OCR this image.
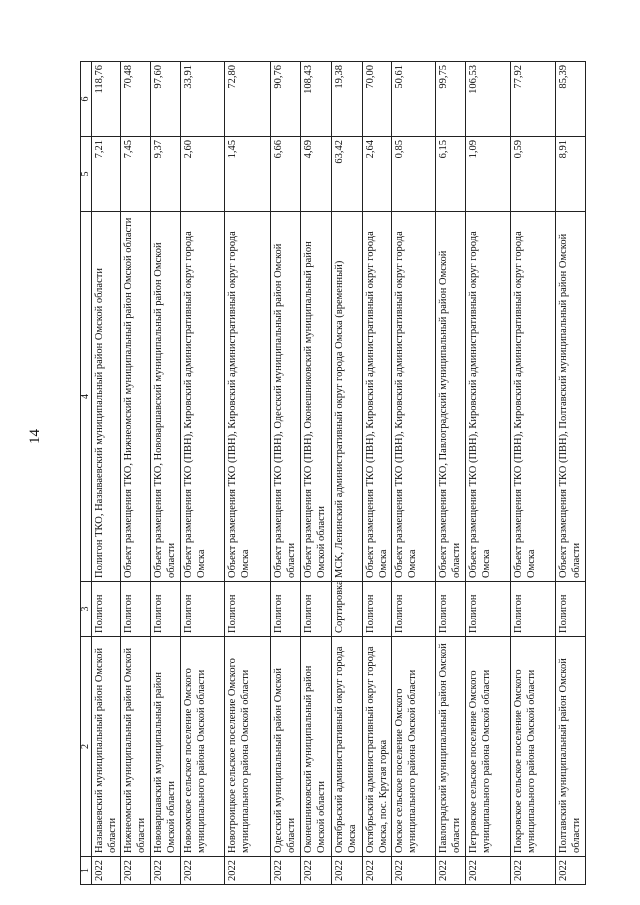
14
1	2	3	4	5	6
2022	Называевский муниципальный район Омской области	Полигон	Полигон ТКО, Называевский муниципальный район Омской области	7,21	118,76
2022	Нижнеомский муниципальный район Омской области	Полигон	Объект размещения ТКО, Нижнеомский муниципальный район Омской области	7,45	70,48
2022	Нововаршавский муниципальный район Омской области	Полигон	Объект размещения ТКО, Нововаршавский муниципальный район Омской области	9,37	97,60
2022	Новоомское сельское поселение Омского муниципального района Омской области	Полигон	Объект размещения ТКО (ПВН), Кировский административный округ города Омска	2,60	33,91
2022	Новотроицкое сельское поселение Омского муниципального района Омской области	Полигон	Объект размещения ТКО (ПВН), Кировский административный округ города Омска	1,45	72,80
2022	Одесский муниципальный район Омской области	Полигон	Объект размещения ТКО (ПВН), Одесский муниципальный район Омской области	6,66	90,76
2022	Оконешниковский муниципальный район Омской области	Полигон	Объект размещения ТКО (ПВН), Оконешниковский муниципальный район Омской области	4,69	108,43
2022	Октябрьский административный округ города Омска	Сортировка	МСК, Ленинский административный округ города Омска (временный)	63,42	19,38
2022	Октябрьский административный округ города Омска, пос. Крутая горка	Полигон	Объект размещения ТКО (ПВН), Кировский административный округ города Омска	2,64	70,00
2022	Омское сельское поселение Омского муниципального района Омской области	Полигон	Объект размещения ТКО (ПВН), Кировский административный округ города Омска	0,85	50,61
2022	Павлоградский муниципальный район Омской области	Полигон	Объект размещения ТКО, Павлоградский муниципальный район Омской области	6,15	99,75
2022	Петровское сельское поселение Омского муниципального района Омской области	Полигон	Объект размещения ТКО (ПВН), Кировский административный округ города Омска	1,09	106,53
2022	Покровское сельское поселение Омского муниципального района Омской области	Полигон	Объект размещения ТКО (ПВН), Кировский административный округ города Омска	0,59	77,92
2022	Полтавский муниципальный район Омской области	Полигон	Объект размещения ТКО (ПВН), Полтавский муниципальный район Омской области	8,91	85,39
